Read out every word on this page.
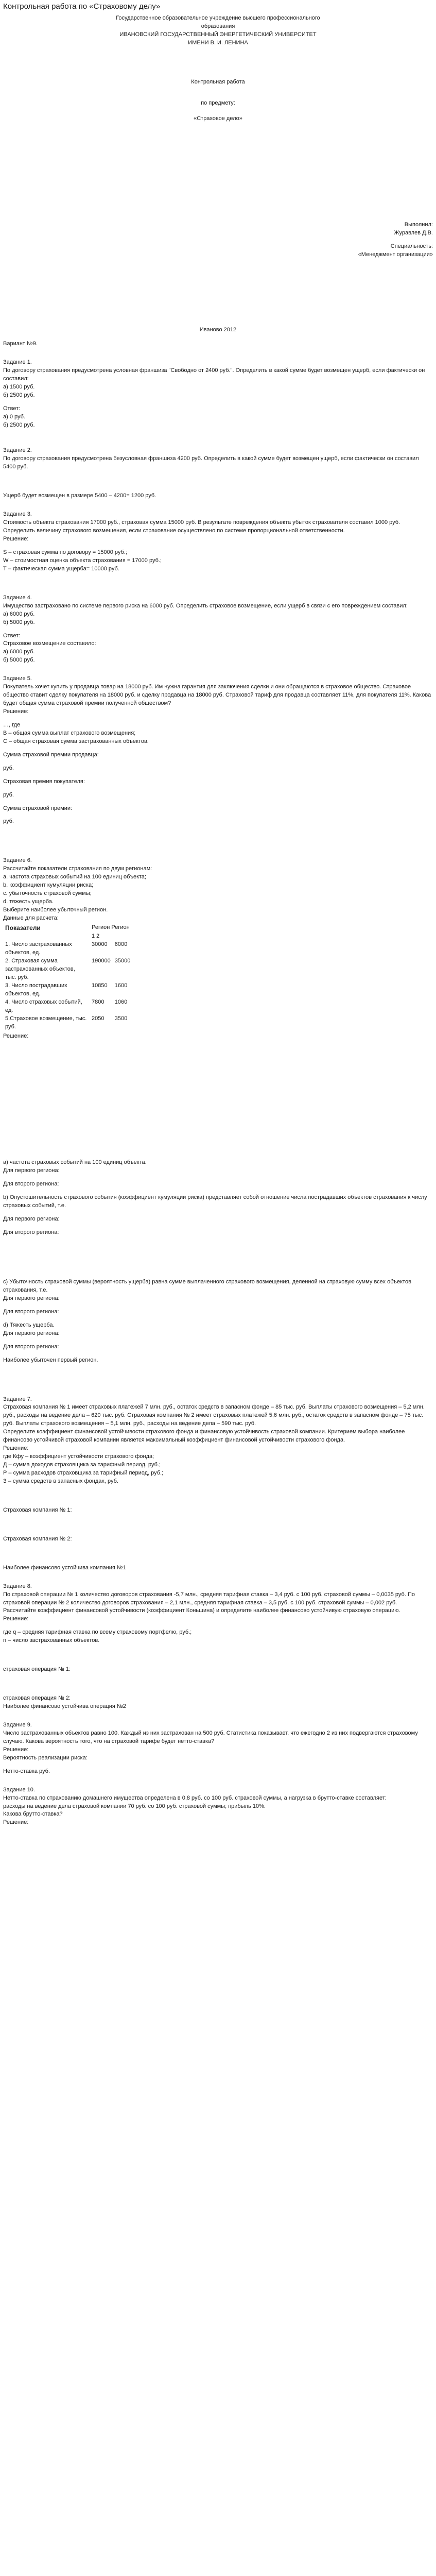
Контрольная работа по «Страховому делу»

Государственное образовательное учреждение высшего профессионального

образования

ИВАНОВСКИЙ ГОСУДАРСТВЕННЫЙ ЭНЕРГЕТИЧЕСКИЙ УНИВЕРСИТЕТ

ИМЕНИ В. И. ЛЕНИНА

Контрольная работа

по предмету:

«Страховое дело»

Выполнил:

Журавлев Д.В.

Специальность:

«Менеджмент организации»

Иваново 2012

Вариант №9.

Задание 1.

По договору страхования предусмотрена условная франшиза "Свободно от 2400 руб.". Определить в какой сумме будет возмещен ущерб, если фактически он составил:

а) 1500 руб.

б) 2500 руб.

Ответ:

а) 0 руб.

б) 2500 руб.

Задание 2.

По договору страхования предусмотрена безусловная франшиза 4200 руб. Определить в какой сумме будет возмещен ущерб, если фактически он составил 5400 руб.

Ущерб будет возмещен в размере 5400 – 4200= 1200 руб.

Задание 3.

Стоимость объекта страхования 17000 руб., страховая сумма 15000 руб. В результате повреждения объекта убыток страхователя составил 1000 руб. Определить величину страхового возмещения, если страхование осуществлено по системе пропорциональной ответственности.

Решение:

S – страховая сумма по договору = 15000 руб.;

W – стоимостная оценка объекта страхования = 17000 руб.;

Т – фактическая сумма ущерба= 10000 руб.

Задание 4.

Имущество застраховано по системе первого риска на 6000 руб. Определить страховое возмещение, если ущерб в связи с его повреждением составил:

а) 6000 руб.

б) 5000 руб.

Ответ:

Страховое возмещение составило:

а) 6000 руб.

б) 5000 руб.

Задание 5.

Покупатель хочет купить у продавца товар на 18000 руб. Им нужна гарантия для заключения сделки и они обращаются в страховое общество. Страховое общество ставит сделку покупателя на 18000 руб. и сделку продавца на 18000 руб. Страховой тариф для продавца составляет 11%, для покупателя 11%. Какова будет общая сумма страховой премии полученной обществом?

Решение:

…, где

В – общая сумма выплат страхового возмещения;

С – общая страховая сумма застрахованных объектов.

Сумма страховой премии продавца:

руб.

Страховая премия покупателя:

руб.

Сумма страховой премии:

руб.

Задание 6.

Рассчитайте показатели страхования по двум регионам:

а. частота страховых событий на 100 единиц объекта;

b. коэффициент кумуляции риска;

c. убыточность страховой суммы;

d. тяжесть ущерба.

Выберите наиболее убыточный регион.

Данные для расчета:

Показатели	Регион Регион	
	1 2	
1. Число застрахованных объектов, ед.	30000	6000
2. Страховая сумма застрахованных объектов, тыс. руб.	190000	35000
3. Число пострадавших объектов, ед.	10850	1600
4. Число страховых событий, ед.	7800	1060
5.Страховое возмещение, тыс. руб.	2050	3500

Решение:

a) частота страховых событий на 100 единиц объекта.

Для первого региона:

Для второго региона:

b) Опустошительность страхового события (коэффициент кумуляции риска) представляет собой отношение числа пострадавших объектов страхования к числу страховых событий, т.е.

Для первого региона:

Для второго региона:

c) Убыточность страховой суммы (вероятность ущерба) равна сумме выплаченного страхового возмещения, деленной на страховую сумму всех объектов страхования, т.е.

Для первого региона:

Для второго региона:

d) Тяжесть ущерба.

Для первого региона:

Для второго региона:

Наиболее убыточен первый регион.

Задание 7.

Страховая компания № 1 имеет страховых платежей 7 млн. руб., остаток средств в запасном фонде – 85 тыс. руб. Выплаты страхового возмещения – 5,2 млн. руб., расходы на ведение дела – 620 тыс. руб. Страховая компания № 2 имеет страховых платежей 5,6 млн. руб., остаток средств в запасном фонде – 75 тыс. руб. Выплаты страхового возмещения – 5,1 млн. руб., расходы на ведение дела – 590 тыс. руб.

Определите коэффициент финансовой устойчивости страхового фонда и финансовую устойчивость страховой компании. Критерием выбора наиболее финансово устойчивой страховой компании является максимальный коэффициент финансовой устойчивости страхового фонда.

Решение:

где Кфу – коэффициент устойчивости страхового фонда;

Д – сумма доходов страховщика за тарифный период, руб.;

Р – сумма расходов страховщика за тарифный период, руб.;

З – сумма средств в запасных фондах, руб.

Страховая компания № 1:

Страховая компания № 2:

Наиболее финансово устойчива компания №1

Задание 8.

По страховой операции № 1 количество договоров страхования -5,7 млн., средняя тарифная ставка – 3,4 руб. с 100 руб. страховой суммы – 0,0035 руб. По страховой операции № 2 количество договоров страхования – 2,1 млн., средняя тарифная ставка – 3,5 руб. с 100 руб. страховой суммы – 0,002 руб.

Рассчитайте коэффициент финансовой устойчивости (коэффициент Коньшина) и определите наиболее финансово устойчивую страховую операцию.

Решение:

где q – средняя тарифная ставка по всему страховому портфелю, руб.;

n – число застрахованных объектов.

страховая операция № 1:

страховая операция № 2:

Наиболее финансово устойчива операция №2

Задание 9.

Число застрахованных объектов равно 100. Каждый из них застрахован на 500 руб. Статистика показывает, что ежегодно 2 из них подвергаются страховому случаю. Какова вероятность того, что на страховой тарифе будет нетто-ставка?

Решение:

Вероятность реализации риска:

Нетто-ставка руб.

Задание 10.

Нетто-ставка по страхованию домашнего имущества определена в 0,8 руб. со 100 руб. страховой суммы, а нагрузка в брутто-ставке составляет:

расходы на ведение дела страховой компании 70 руб. со 100 руб. страховой суммы; прибыль 10%.

Какова брутто-ставка?

Решение:
